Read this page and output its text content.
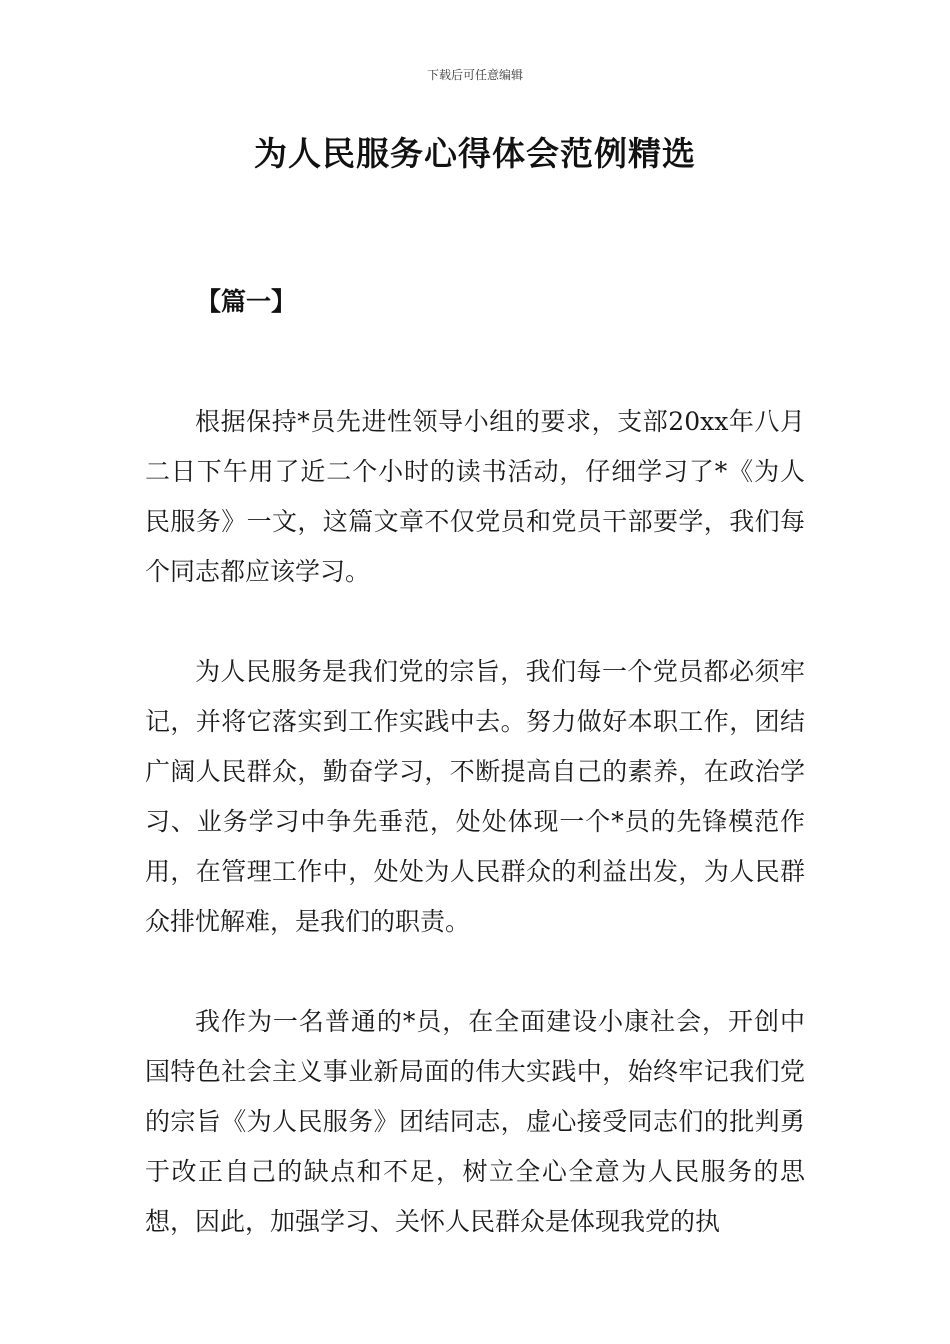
下载后可任意编辑
为人民服务心得体会范例精选
【篇一】

根据保持*员先进性领导小组的要求，支部20xx年八月二日下午用了近二个小时的读书活动，仔细学习了*《为人民服务》一文，这篇文章不仅党员和党员干部要学，我们每个同志都应该学习。

为人民服务是我们党的宗旨，我们每一个党员都必须牢记，并将它落实到工作实践中去。努力做好本职工作，团结广阔人民群众，勤奋学习，不断提高自己的素养，在政治学习、业务学习中争先垂范，处处体现一个*员的先锋模范作用，在管理工作中，处处为人民群众的利益出发，为人民群众排忧解难，是我们的职责。

我作为一名普通的*员，在全面建设小康社会，开创中国特色社会主义事业新局面的伟大实践中，始终牢记我们党的宗旨《为人民服务》团结同志，虚心接受同志们的批判勇于改正自己的缺点和不足，树立全心全意为人民服务的思想，因此，加强学习、关怀人民群众是体现我党的执
